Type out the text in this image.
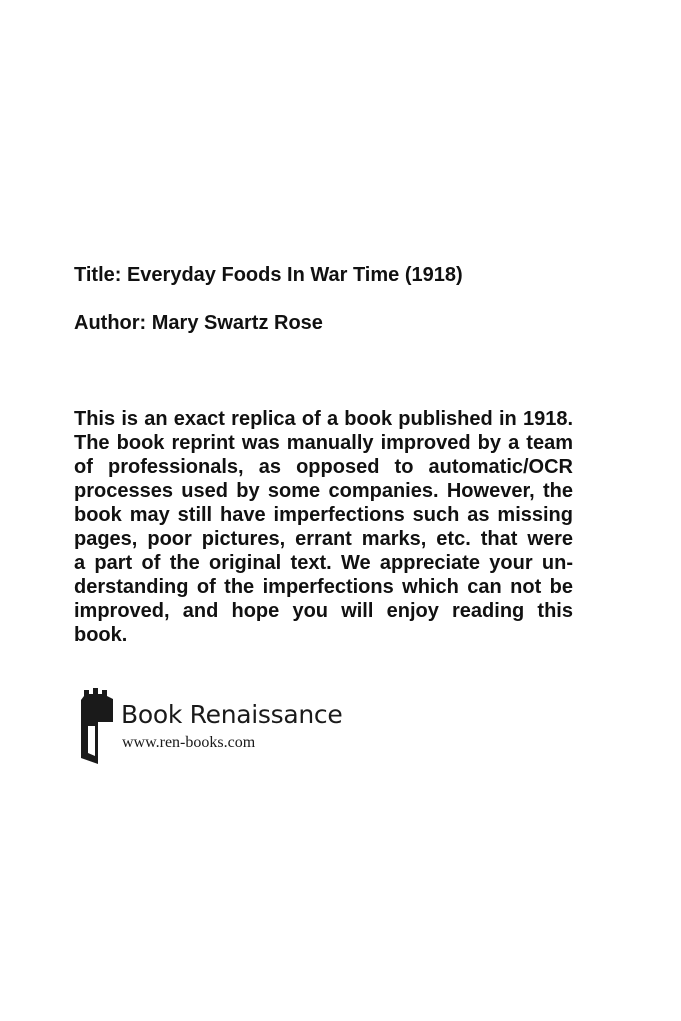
Title: Everyday Foods In War Time (1918)
Author: Mary Swartz Rose
This is an exact replica of a book published in 1918.
The book reprint was manually improved by a team
of professionals, as opposed to automatic/OCR
processes used by some companies. However, the
book may still have imperfections such as missing
pages, poor pictures, errant marks, etc. that were
a part of the original text. We appreciate your un-
derstanding of the imperfections which can not be
improved, and hope you will enjoy reading this
book.
Book Renaissance
www.ren-books.com
